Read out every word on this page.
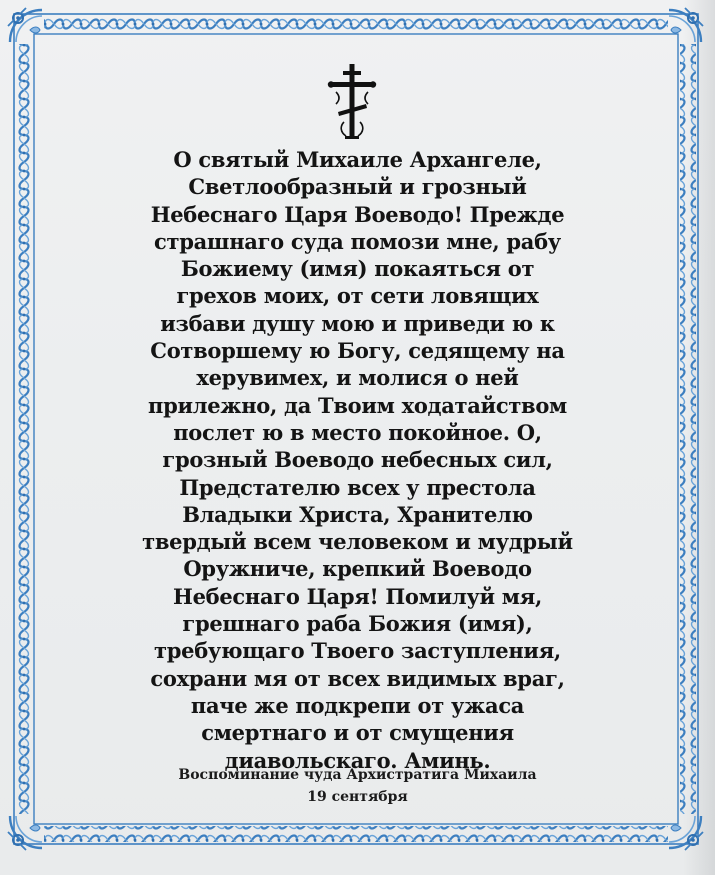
О святый Михаиле Архангеле,
Светлообразный и грозный
Небеснаго Царя Воеводо! Прежде
страшнаго суда помози мне, рабу
Божиему (имя) покаяться от
грехов моих, от сети ловящих
избави душу мою и приведи ю к
Сотворшему ю Богу, седящему на
херувимех, и молися о ней
прилежно, да Твоим ходатайством
послет ю в место покойное. О,
грозный Воеводо небесных сил,
Предстателю всех у престола
Владыки Христа, Хранителю
твердый всем человеком и мудрый
Оружниче, крепкий Воеводо
Небеснаго Царя! Помилуй мя,
грешнаго раба Божия (имя),
требующаго Твоего заступления,
сохрани мя от всех видимых враг,
паче же подкрепи от ужаса
смертнаго и от смущения
диавольскаго. Аминь.
Воспоминание чуда Архистратига Михаила
19 сентября
